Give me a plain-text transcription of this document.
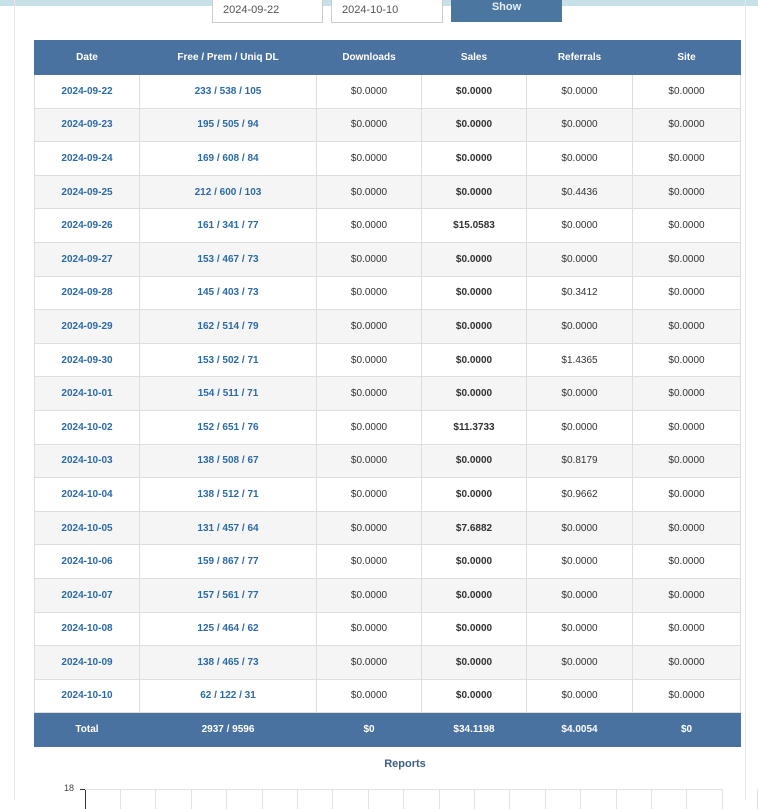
2024-09-22	2024-10-10	Show
Date	Free / Prem / Uniq DL	Downloads	Sales	Referrals	Site
2024-09-22	233 / 538 / 105	$0.0000	$0.0000	$0.0000	$0.0000
2024-09-23	195 / 505 / 94	$0.0000	$0.0000	$0.0000	$0.0000
2024-09-24	169 / 608 / 84	$0.0000	$0.0000	$0.0000	$0.0000
2024-09-25	212 / 600 / 103	$0.0000	$0.0000	$0.4436	$0.0000
2024-09-26	161 / 341 / 77	$0.0000	$15.0583	$0.0000	$0.0000
2024-09-27	153 / 467 / 73	$0.0000	$0.0000	$0.0000	$0.0000
2024-09-28	145 / 403 / 73	$0.0000	$0.0000	$0.3412	$0.0000
2024-09-29	162 / 514 / 79	$0.0000	$0.0000	$0.0000	$0.0000
2024-09-30	153 / 502 / 71	$0.0000	$0.0000	$1.4365	$0.0000
2024-10-01	154 / 511 / 71	$0.0000	$0.0000	$0.0000	$0.0000
2024-10-02	152 / 651 / 76	$0.0000	$11.3733	$0.0000	$0.0000
2024-10-03	138 / 508 / 67	$0.0000	$0.0000	$0.8179	$0.0000
2024-10-04	138 / 512 / 71	$0.0000	$0.0000	$0.9662	$0.0000
2024-10-05	131 / 457 / 64	$0.0000	$7.6882	$0.0000	$0.0000
2024-10-06	159 / 867 / 77	$0.0000	$0.0000	$0.0000	$0.0000
2024-10-07	157 / 561 / 77	$0.0000	$0.0000	$0.0000	$0.0000
2024-10-08	125 / 464 / 62	$0.0000	$0.0000	$0.0000	$0.0000
2024-10-09	138 / 465 / 73	$0.0000	$0.0000	$0.0000	$0.0000
2024-10-10	62 / 122 / 31	$0.0000	$0.0000	$0.0000	$0.0000
Total	2937 / 9596	$0	$34.1198	$4.0054	$0
Reports
18
